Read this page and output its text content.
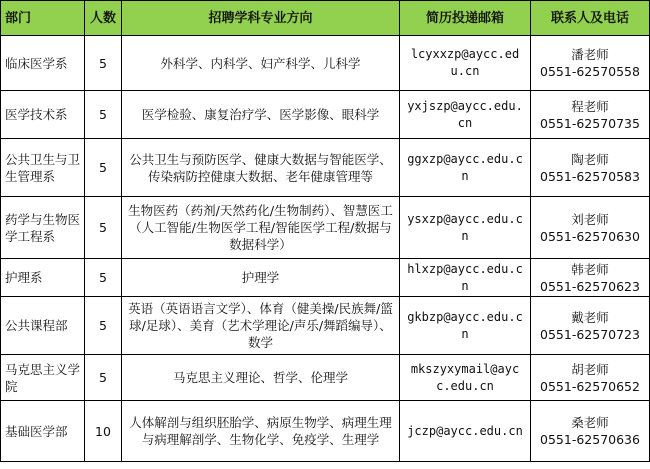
部门	人数	招聘学科专业方向	简历投递邮箱	联系人及电话
临床医学系	5	外科学、内科学、妇产科学、儿科学	lcyxxzp@aycc.edu.cn	潘老师
0551-62570558

医学技术系	5	医学检验、康复治疗学、医学影像、眼科学	yxjszp@aycc.edu.cn	程老师
0551-62570735

公共卫生与卫生管理系	5	公共卫生与预防医学、健康大数据与智能医学、传染病防控健康大数据、老年健康管理等	ggxzp@aycc.edu.cn	陶老师
0551-62570583

药学与生物医学工程系	5	生物医药（药剂/天然药化/生物制药）、智慧医工（人工智能/生物医学工程/智能医学工程/数据与数据科学）	ysxzp@aycc.edu.cn	刘老师
0551-62570630

护理系	5	护理学	hlxzp@aycc.edu.cn	韩老师
0551-62570623

公共课程部	5	英语（英语语言文学）、体育（健美操/民族舞/篮球/足球）、美育（艺术学理论/声乐/舞蹈编导）、数学	gkbzp@aycc.edu.cn	戴老师
0551-62570723

马克思主义学院	5	马克思主义理论、哲学、伦理学	mkszyxymail@aycc.edu.cn	胡老师
0551-62570652

基础医学部	10	人体解剖与组织胚胎学、病原生物学、病理生理与病理解剖学、生物化学、免疫学、生理学	jczp@aycc.edu.cn	桑老师
0551-62570636
